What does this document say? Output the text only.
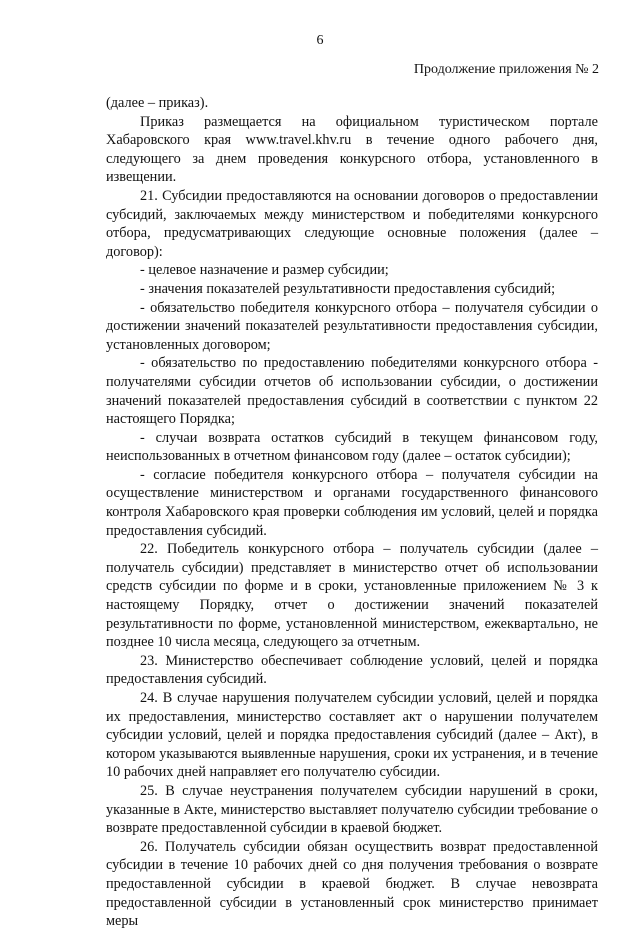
6
Продолжение приложения № 2

(далее – приказ).

Приказ размещается на официальном туристическом портале Хабаровского края www.travel.khv.ru в течение одного рабочего дня, следующего за днем проведения конкурсного отбора, установленного в извещении.

21. Субсидии предоставляются на основании договоров о предоставлении субсидий, заключаемых между министерством и победителями конкурсного отбора, предусматривающих следующие основные положения (далее – договор):

- целевое назначение и размер субсидии;

- значения показателей результативности предоставления субсидий;

- обязательство победителя конкурсного отбора – получателя субсидии о достижении значений показателей результативности предоставления субсидии, установленных договором;

- обязательство по предоставлению победителями конкурсного отбора - получателями субсидии отчетов об использовании субсидии, о достижении значений показателей предоставления субсидий в соответствии с пунктом 22 настоящего Порядка;

- случаи возврата остатков субсидий в текущем финансовом году, неиспользованных в отчетном финансовом году (далее – остаток субсидии);

- согласие победителя конкурсного отбора – получателя субсидии на осуществление министерством и органами государственного финансового контроля Хабаровского края проверки соблюдения им условий, целей и порядка предоставления субсидий.

22. Победитель конкурсного отбора – получатель субсидии (далее – получатель субсидии) представляет в министерство отчет об использовании средств субсидии по форме и в сроки, установленные приложением № 3 к настоящему Порядку, отчет о достижении значений показателей результативности по форме, установленной министерством, ежеквартально, не позднее 10 числа месяца, следующего за отчетным.

23. Министерство обеспечивает соблюдение условий, целей и порядка предоставления субсидий.

24. В случае нарушения получателем субсидии условий, целей и порядка их предоставления, министерство составляет акт о нарушении получателем субсидии условий, целей и порядка предоставления субсидий (далее – Акт), в котором указываются выявленные нарушения, сроки их устранения, и в течение 10 рабочих дней направляет его получателю субсидии.

25. В случае неустранения получателем субсидии нарушений в сроки, указанные в Акте, министерство выставляет получателю субсидии требование о возврате предоставленной субсидии в краевой бюджет.

26. Получатель субсидии обязан осуществить возврат предоставленной субсидии в течение 10 рабочих дней со дня получения требования о возврате предоставленной субсидии в краевой бюджет. В случае невозврата предоставленной субсидии в установленный срок министерство принимает меры
